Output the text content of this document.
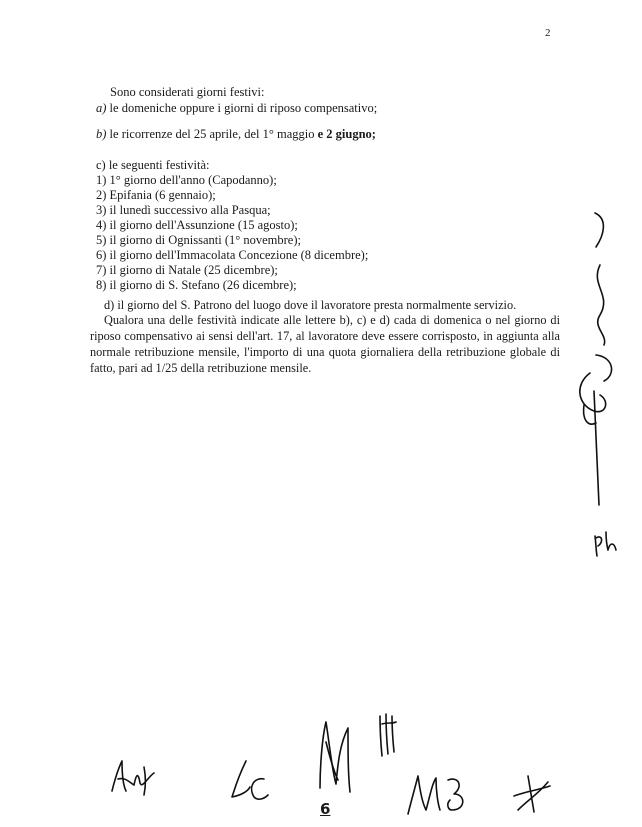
2
Sono considerati giorni festivi:
a) le domeniche oppure i giorni di riposo compensativo;
b) le ricorrenze del 25 aprile, del 1° maggio e 2 giugno;
c) le seguenti festività:
1) 1° giorno dell'anno (Capodanno);
2) Epifania (6 gennaio);
3) il lunedì successivo alla Pasqua;
4) il giorno dell'Assunzione (15 agosto);
5) il giorno di Ognissanti (1° novembre);
6) il giorno dell'Immacolata Concezione (8 dicembre);
7) il giorno di Natale (25 dicembre);
8) il giorno di S. Stefano (26 dicembre);
d) il giorno del S. Patrono del luogo dove il lavoratore presta normalmente servizio.
Qualora una delle festività indicate alle lettere b), c) e d) cada di domenica o nel giorno di
riposo compensativo ai sensi dell'art. 17, al lavoratore deve essere corrisposto, in aggiunta alla
normale retribuzione mensile, l'importo di una quota giornaliera della retribuzione globale di
fatto, pari ad 1/25 della retribuzione mensile.
6
